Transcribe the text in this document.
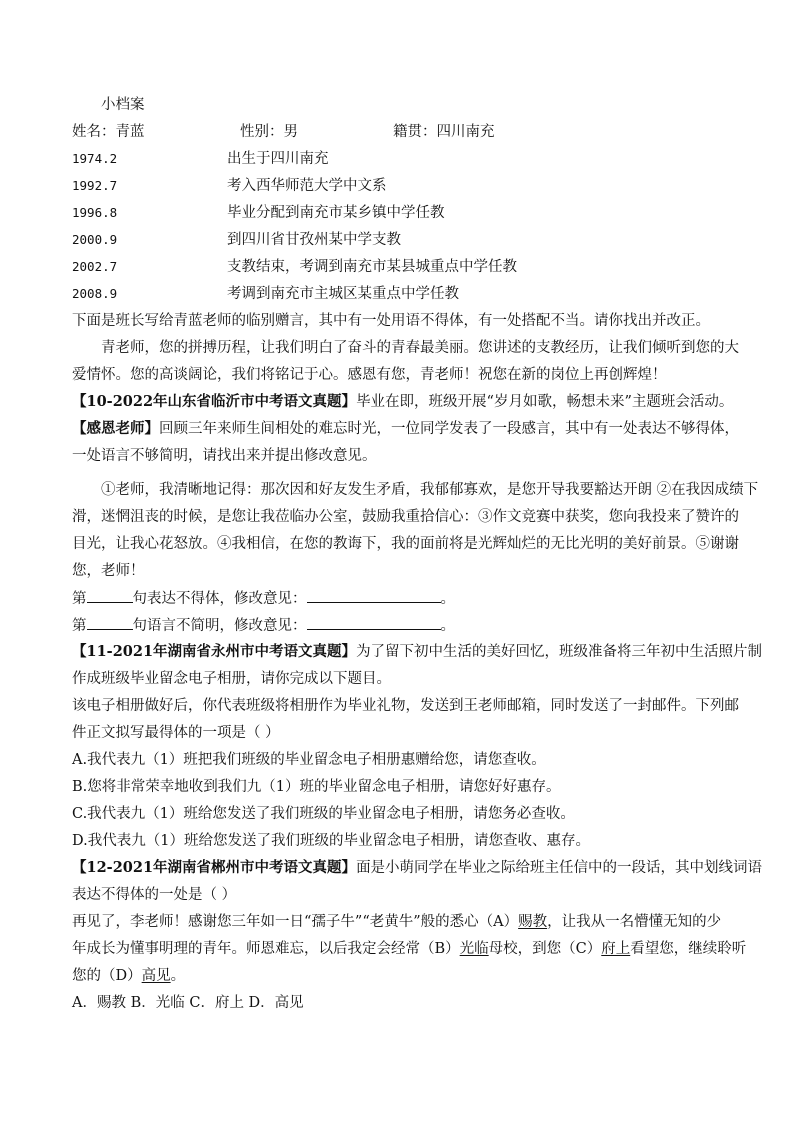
小档案
姓名：青蓝	性别：男	籍贯：四川南充
1974.2	出生于四川南充
1992.7	考入西华师范大学中文系
1996.8	毕业分配到南充市某乡镇中学任教
2000.9	到四川省甘孜州某中学支教
2002.7	支教结束，考调到南充市某县城重点中学任教
2008.9	考调到南充市主城区某重点中学任教
下面是班长写给青蓝老师的临别赠言，其中有一处用语不得体，有一处搭配不当。请你找出并改正。
青老师，您的拼搏历程，让我们明白了奋斗的青春最美丽。您讲述的支教经历，让我们倾听到您的大
爱情怀。您的高谈阔论，我们将铭记于心。感恩有您，青老师！祝您在新的岗位上再创辉煌！
【10-2022年山东省临沂市中考语文真题】毕业在即，班级开展“岁月如歌，畅想未来”主题班会活动。
【感恩老师】回顾三年来师生间相处的难忘时光，一位同学发表了一段感言，其中有一处表达不够得体，
一处语言不够简明，请找出来并提出修改意见。
①老师，我清晰地记得：那次因和好友发生矛盾，我郁郁寡欢，是您开导我要豁达开朗 ②在我因成绩下
滑，迷惘沮丧的时候，是您让我莅临办公室，鼓励我重拾信心：③作文竞赛中获奖，您向我投来了赞许的
目光，让我心花怒放。④我相信，在您的教诲下，我的面前将是光辉灿烂的无比光明的美好前景。⑤谢谢
您，老师！
第	句表达不得体，修改意见：	。
第	句语言不简明，修改意见：	。
【11-2021年湖南省永州市中考语文真题】为了留下初中生活的美好回忆，班级准备将三年初中生活照片制
作成班级毕业留念电子相册，请你完成以下题目。
该电子相册做好后，你代表班级将相册作为毕业礼物，发送到王老师邮箱，同时发送了一封邮件。下列邮
件正文拟写最得体的一项是（ ）
A.我代表九（1）班把我们班级的毕业留念电子相册惠赠给您，请您查收。
B.您将非常荣幸地收到我们九（1）班的毕业留念电子相册，请您好好惠存。
C.我代表九（1）班给您发送了我们班级的毕业留念电子相册，请您务必查收。
D.我代表九（1）班给您发送了我们班级的毕业留念电子相册，请您查收、惠存。
【12-2021年湖南省郴州市中考语文真题】面是小萌同学在毕业之际给班主任信中的一段话，其中划线词语
表达不得体的一处是（ ）
再见了，李老师！感谢您三年如一日“孺子牛”“老黄牛”般的悉心（A）赐教，让我从一名懵懂无知的少
年成长为懂事明理的青年。师恩难忘，以后我定会经常（B）光临母校，到您（C）府上看望您，继续聆听
您的（D）高见。
A．赐教 B．光临 C．府上 D．高见
